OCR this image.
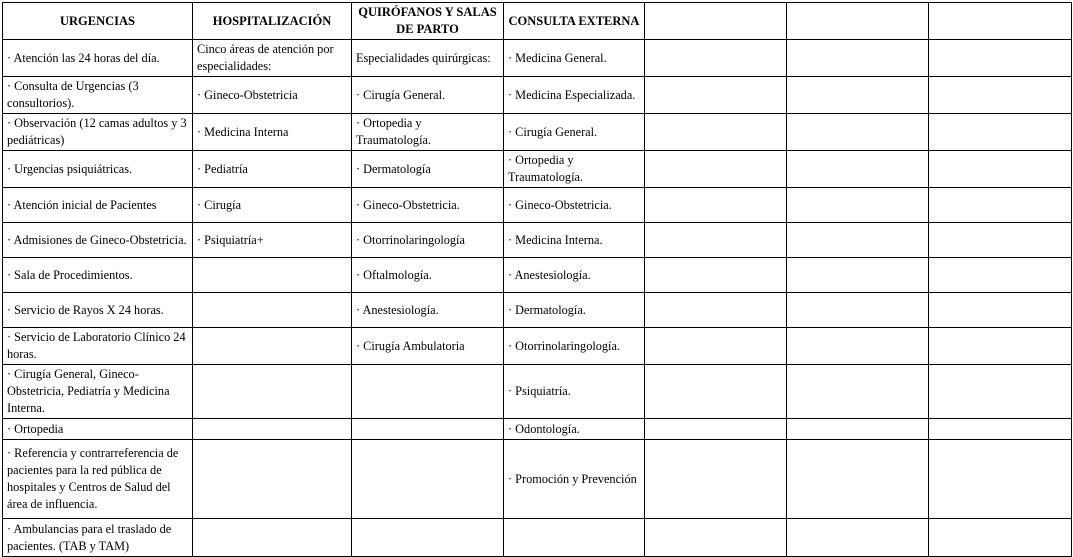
URGENCIAS	HOSPITALIZACIÓN	QUIRÓFANOS Y SALAS DE PARTO	CONSULTA EXTERNA			
· Atención las 24 horas del día.	Cinco áreas de atención por especialidades:	Especialidades quirúrgicas:	· Medicina General.			
· Consulta de Urgencias (3 consultorios).	· Gineco-Obstetricia	· Cirugía General.	· Medicina Especializada.			
· Observación (12 camas adultos y 3 pediátricas)	· Medicina Interna	· Ortopedia y Traumatología.	· Cirugía General.			
· Urgencias psiquiátricas.	· Pediatría	· Dermatología	· Ortopedia y Traumatología.			
· Atención inicial de Pacientes	· Cirugía	· Gineco-Obstetricia.	· Gineco-Obstetricia.			
· Admisiones de Gineco-Obstetricia.	· Psiquiatría+	· Otorrinolaringología	· Medicina Interna.			
· Sala de Procedimientos.		· Oftalmología.	· Anestesiología.			
· Servicio de Rayos X 24 horas.		· Anestesiología.	· Dermatología.			
· Servicio de Laboratorio Clínico 24 horas.		· Cirugía Ambulatoria	· Otorrinolaringología.			
· Cirugía General, Gineco-Obstetricia, Pediatría y Medicina Interna.			· Psiquiatría.			
· Ortopedia			· Odontología.			
· Referencia y contrarreferencia de pacientes para la red pública de hospitales y Centros de Salud del área de influencia.			· Promoción y Prevención			
· Ambulancias para el traslado de pacientes. (TAB y TAM)						
